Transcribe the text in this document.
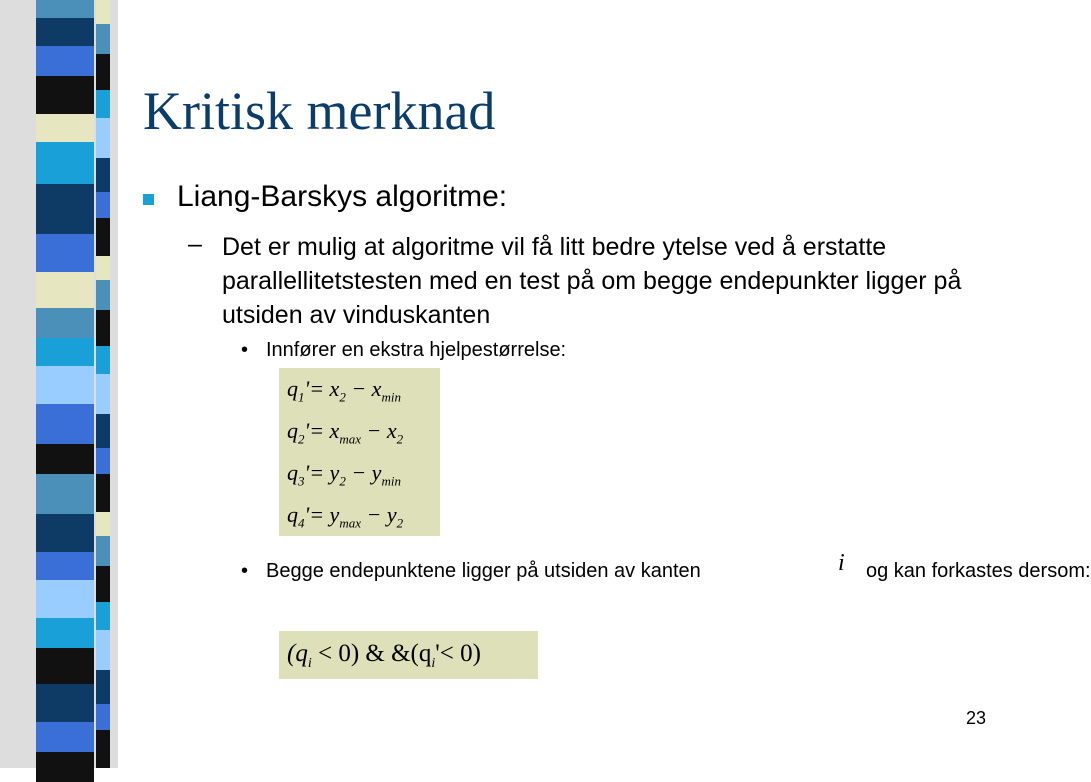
Kritisk merknad
Liang-Barskys algoritme:
– Det er mulig at algoritme vil få litt bedre ytelse ved å erstatte parallellitetstesten med en test på om begge endepunkter ligger på utsiden av vinduskanten
• Innfører en ekstra hjelpestørrelse:
$q_1'= x_2 - x_{min}$
$q_2'= x_{max} - x_2$
$q_3'= y_2 - y_{min}$
$q_4'= y_{max} - y_2$
• Begge endepunktene ligger på utsiden av kanten	i og kan forkastes dersom:
$(q_i < 0)$ & $\&(q_i'< 0)$
23
